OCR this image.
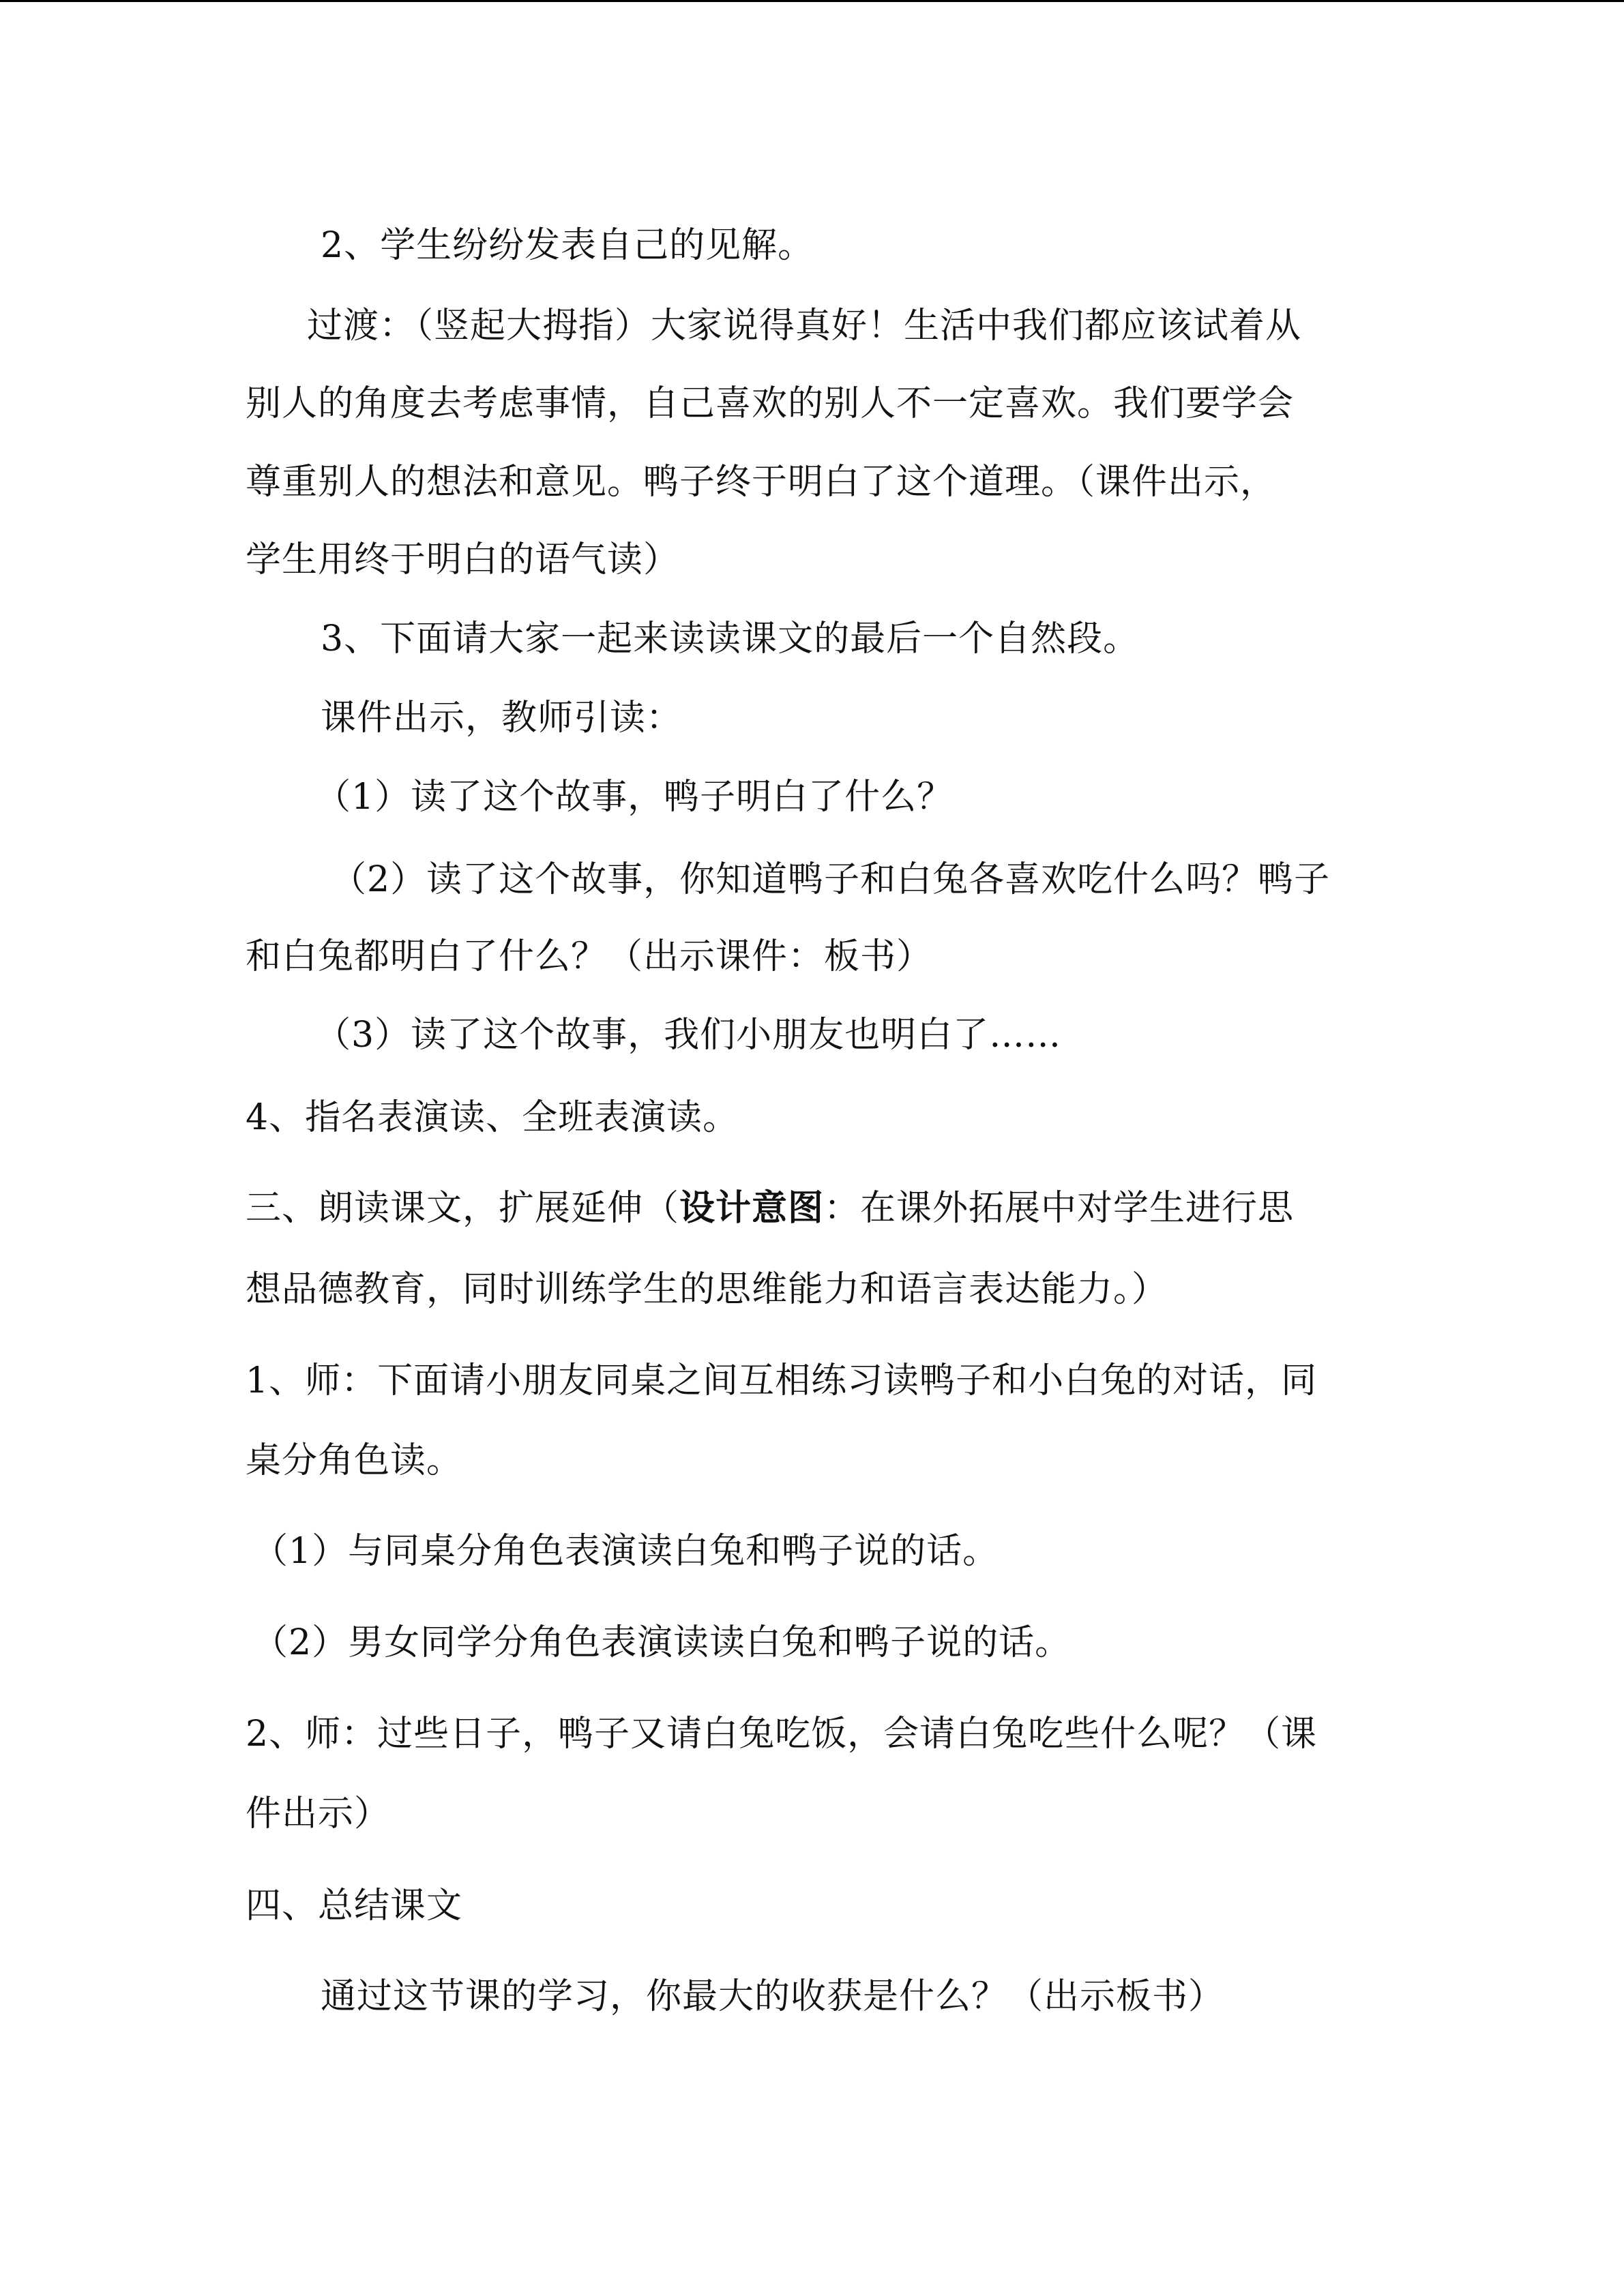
2、学生纷纷发表自己的见解。
过渡：（竖起大拇指）大家说得真好！生活中我们都应该试着从
别人的角度去考虑事情，自己喜欢的别人不一定喜欢。我们要学会
尊重别人的想法和意见。鸭子终于明白了这个道理。（课件出示，
学生用终于明白的语气读）
3、下面请大家一起来读读课文的最后一个自然段。
课件出示，教师引读：
（1）读了这个故事，鸭子明白了什么？
（2）读了这个故事，你知道鸭子和白兔各喜欢吃什么吗？鸭子
和白兔都明白了什么？（出示课件：板书）
（3）读了这个故事，我们小朋友也明白了……
4、指名表演读、全班表演读。
三、朗读课文，扩展延伸（设计意图：在课外拓展中对学生进行思
想品德教育，同时训练学生的思维能力和语言表达能力。）
1、师：下面请小朋友同桌之间互相练习读鸭子和小白兔的对话，同
桌分角色读。
（1）与同桌分角色表演读白兔和鸭子说的话。
（2）男女同学分角色表演读读白兔和鸭子说的话。
2、师：过些日子，鸭子又请白兔吃饭，会请白兔吃些什么呢？（课
件出示）
四、总结课文
通过这节课的学习，你最大的收获是什么？（出示板书）
